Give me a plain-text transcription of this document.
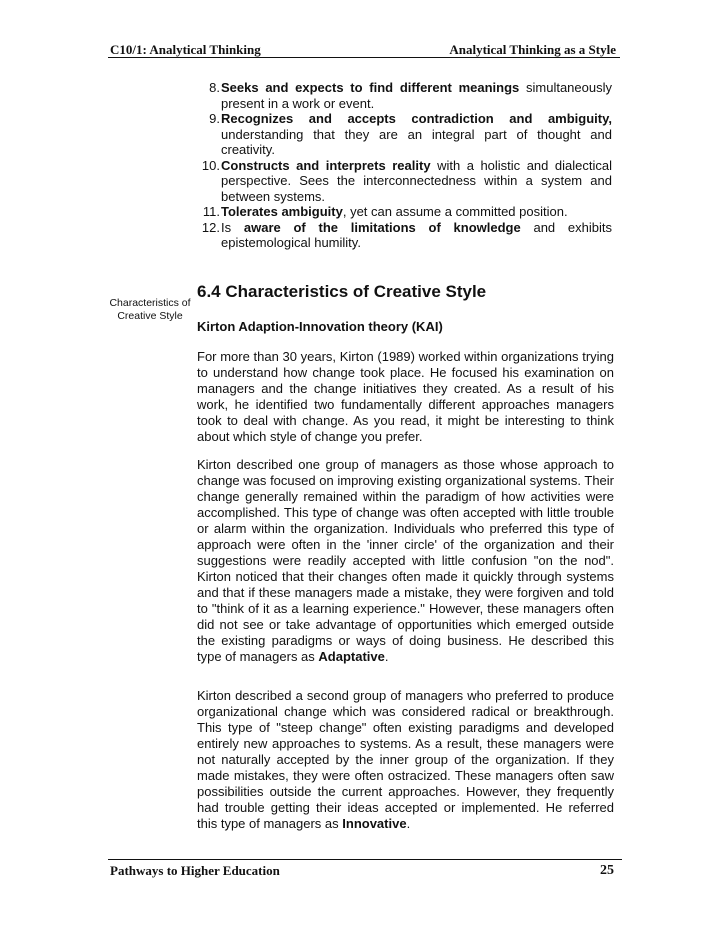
C10/1: Analytical Thinking	Analytical Thinking as a Style
8. Seeks and expects to find different meanings simultaneously present in a work or event.
9. Recognizes and accepts contradiction and ambiguity, understanding that they are an integral part of thought and creativity.
10. Constructs and interprets reality with a holistic and dialectical perspective. Sees the interconnectedness within a system and between systems.
11. Tolerates ambiguity, yet can assume a committed position.
12. Is aware of the limitations of knowledge and exhibits epistemological humility.
6.4 Characteristics of Creative Style
Characteristics of Creative Style
Kirton Adaption-Innovation theory (KAI)

For more than 30 years, Kirton (1989) worked within organizations trying to understand how change took place. He focused his examination on managers and the change initiatives they created. As a result of his work, he identified two fundamentally different approaches managers took to deal with change. As you read, it might be interesting to think about which style of change you prefer.

Kirton described one group of managers as those whose approach to change was focused on improving existing organizational systems. Their change generally remained within the paradigm of how activities were accomplished. This type of change was often accepted with little trouble or alarm within the organization. Individuals who preferred this type of approach were often in the 'inner circle' of the organization and their suggestions were readily accepted with little confusion "on the nod". Kirton noticed that their changes often made it quickly through systems and that if these managers made a mistake, they were forgiven and told to "think of it as a learning experience." However, these managers often did not see or take advantage of opportunities which emerged outside the existing paradigms or ways of doing business. He described this type of managers as Adaptative.

Kirton described a second group of managers who preferred to produce organizational change which was considered radical or breakthrough. This type of "steep change" often existing paradigms and developed entirely new approaches to systems. As a result, these managers were not naturally accepted by the inner group of the organization. If they made mistakes, they were often ostracized. These managers often saw possibilities outside the current approaches. However, they frequently had trouble getting their ideas accepted or implemented. He referred this type of managers as Innovative.

Pathways to Higher Education	25
